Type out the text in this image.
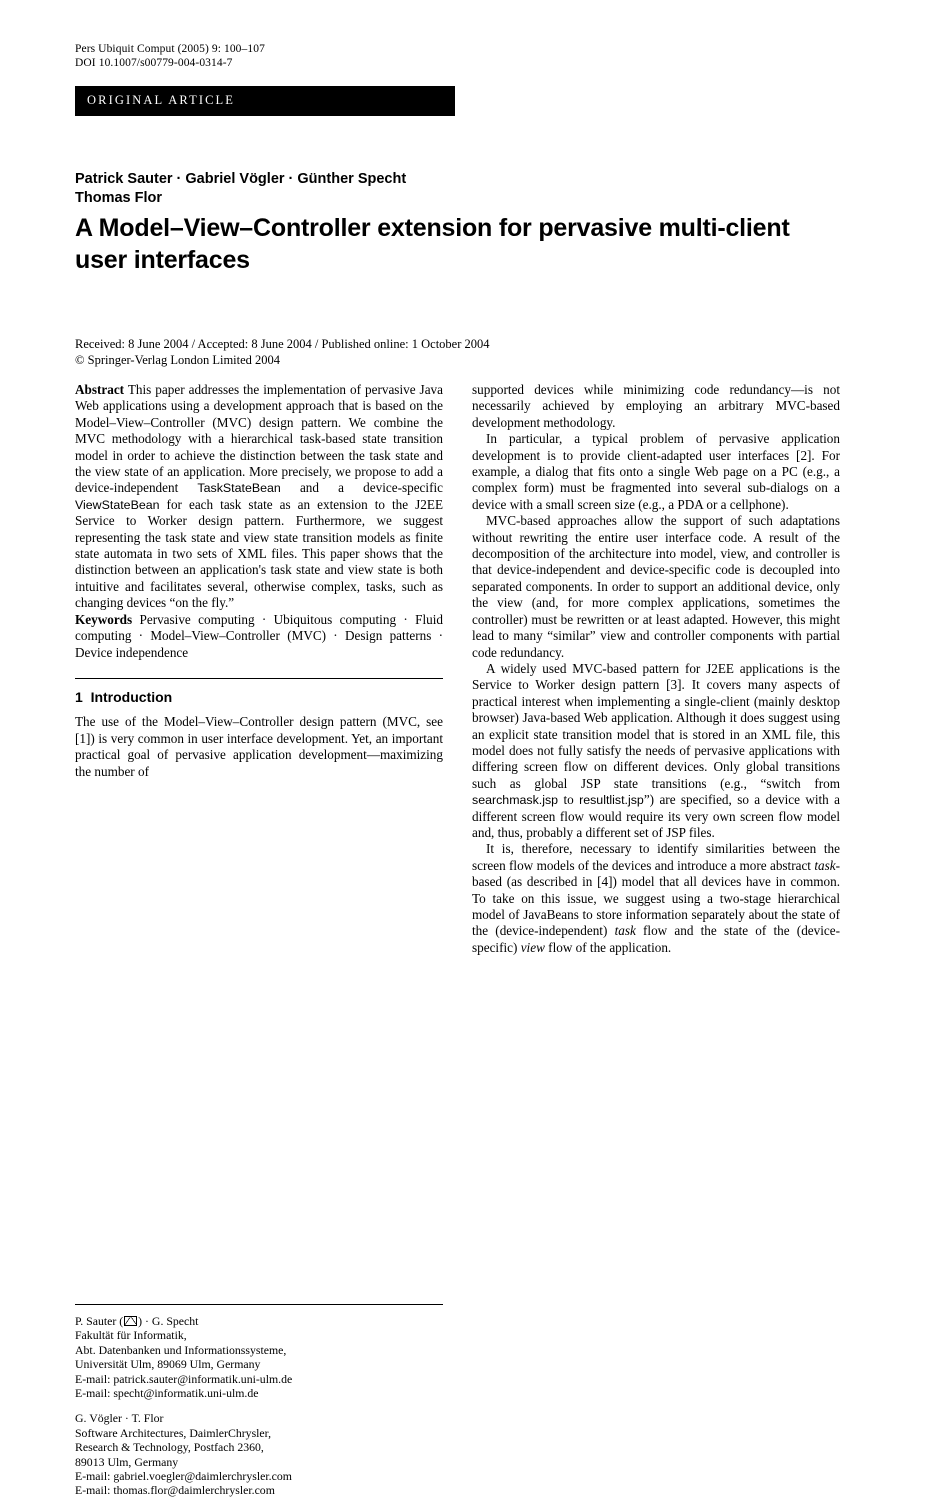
Pers Ubiquit Comput (2005) 9: 100–107
DOI 10.1007/s00779-004-0314-7
ORIGINAL ARTICLE
Patrick Sauter · Gabriel Vögler · Günther Specht
Thomas Flor
A Model–View–Controller extension for pervasive multi-client user interfaces
Received: 8 June 2004 / Accepted: 8 June 2004 / Published online: 1 October 2004
© Springer-Verlag London Limited 2004

Abstract This paper addresses the implementation of pervasive Java Web applications using a development approach that is based on the Model–View–Controller (MVC) design pattern. We combine the MVC methodology with a hierarchical task-based state transition model in order to achieve the distinction between the task state and the view state of an application. More precisely, we propose to add a device-independent TaskStateBean and a device-specific ViewStateBean for each task state as an extension to the J2EE Service to Worker design pattern. Furthermore, we suggest representing the task state and view state transition models as finite state automata in two sets of XML files. This paper shows that the distinction between an application's task state and view state is both intuitive and facilitates several, otherwise complex, tasks, such as changing devices “on the fly.”

Keywords Pervasive computing · Ubiquitous computing · Fluid computing · Model–View–Controller (MVC) · Design patterns · Device independence

1 Introduction

The use of the Model–View–Controller design pattern (MVC, see [1]) is very common in user interface development. Yet, an important practical goal of pervasive application development—maximizing the number of

P. Sauter ( ) · G. Specht
Fakultät für Informatik,
Abt. Datenbanken und Informationssysteme,
Universität Ulm, 89069 Ulm, Germany
E-mail: patrick.sauter@informatik.uni-ulm.de
E-mail: specht@informatik.uni-ulm.de
G. Vögler · T. Flor
Software Architectures, DaimlerChrysler,
Research & Technology, Postfach 2360,
89013 Ulm, Germany
E-mail: gabriel.voegler@daimlerchrysler.com
E-mail: thomas.flor@daimlerchrysler.com

supported devices while minimizing code redundancy—is not necessarily achieved by employing an arbitrary MVC-based development methodology.

In particular, a typical problem of pervasive application development is to provide client-adapted user interfaces [2]. For example, a dialog that fits onto a single Web page on a PC (e.g., a complex form) must be fragmented into several sub-dialogs on a device with a small screen size (e.g., a PDA or a cellphone).

MVC-based approaches allow the support of such adaptations without rewriting the entire user interface code. A result of the decomposition of the architecture into model, view, and controller is that device-independent and device-specific code is decoupled into separated components. In order to support an additional device, only the view (and, for more complex applications, sometimes the controller) must be rewritten or at least adapted. However, this might lead to many “similar” view and controller components with partial code redundancy.

A widely used MVC-based pattern for J2EE applications is the Service to Worker design pattern [3]. It covers many aspects of practical interest when implementing a single-client (mainly desktop browser) Java-based Web application. Although it does suggest using an explicit state transition model that is stored in an XML file, this model does not fully satisfy the needs of pervasive applications with differing screen flow on different devices. Only global transitions such as global JSP state transitions (e.g., “switch from searchmask.jsp to resultlist.jsp”) are specified, so a device with a different screen flow would require its very own screen flow model and, thus, probably a different set of JSP files.

It is, therefore, necessary to identify similarities between the screen flow models of the devices and introduce a more abstract task-based (as described in [4]) model that all devices have in common. To take on this issue, we suggest using a two-stage hierarchical model of JavaBeans to store information separately about the state of the (device-independent) task flow and the state of the (device-specific) view flow of the application.
